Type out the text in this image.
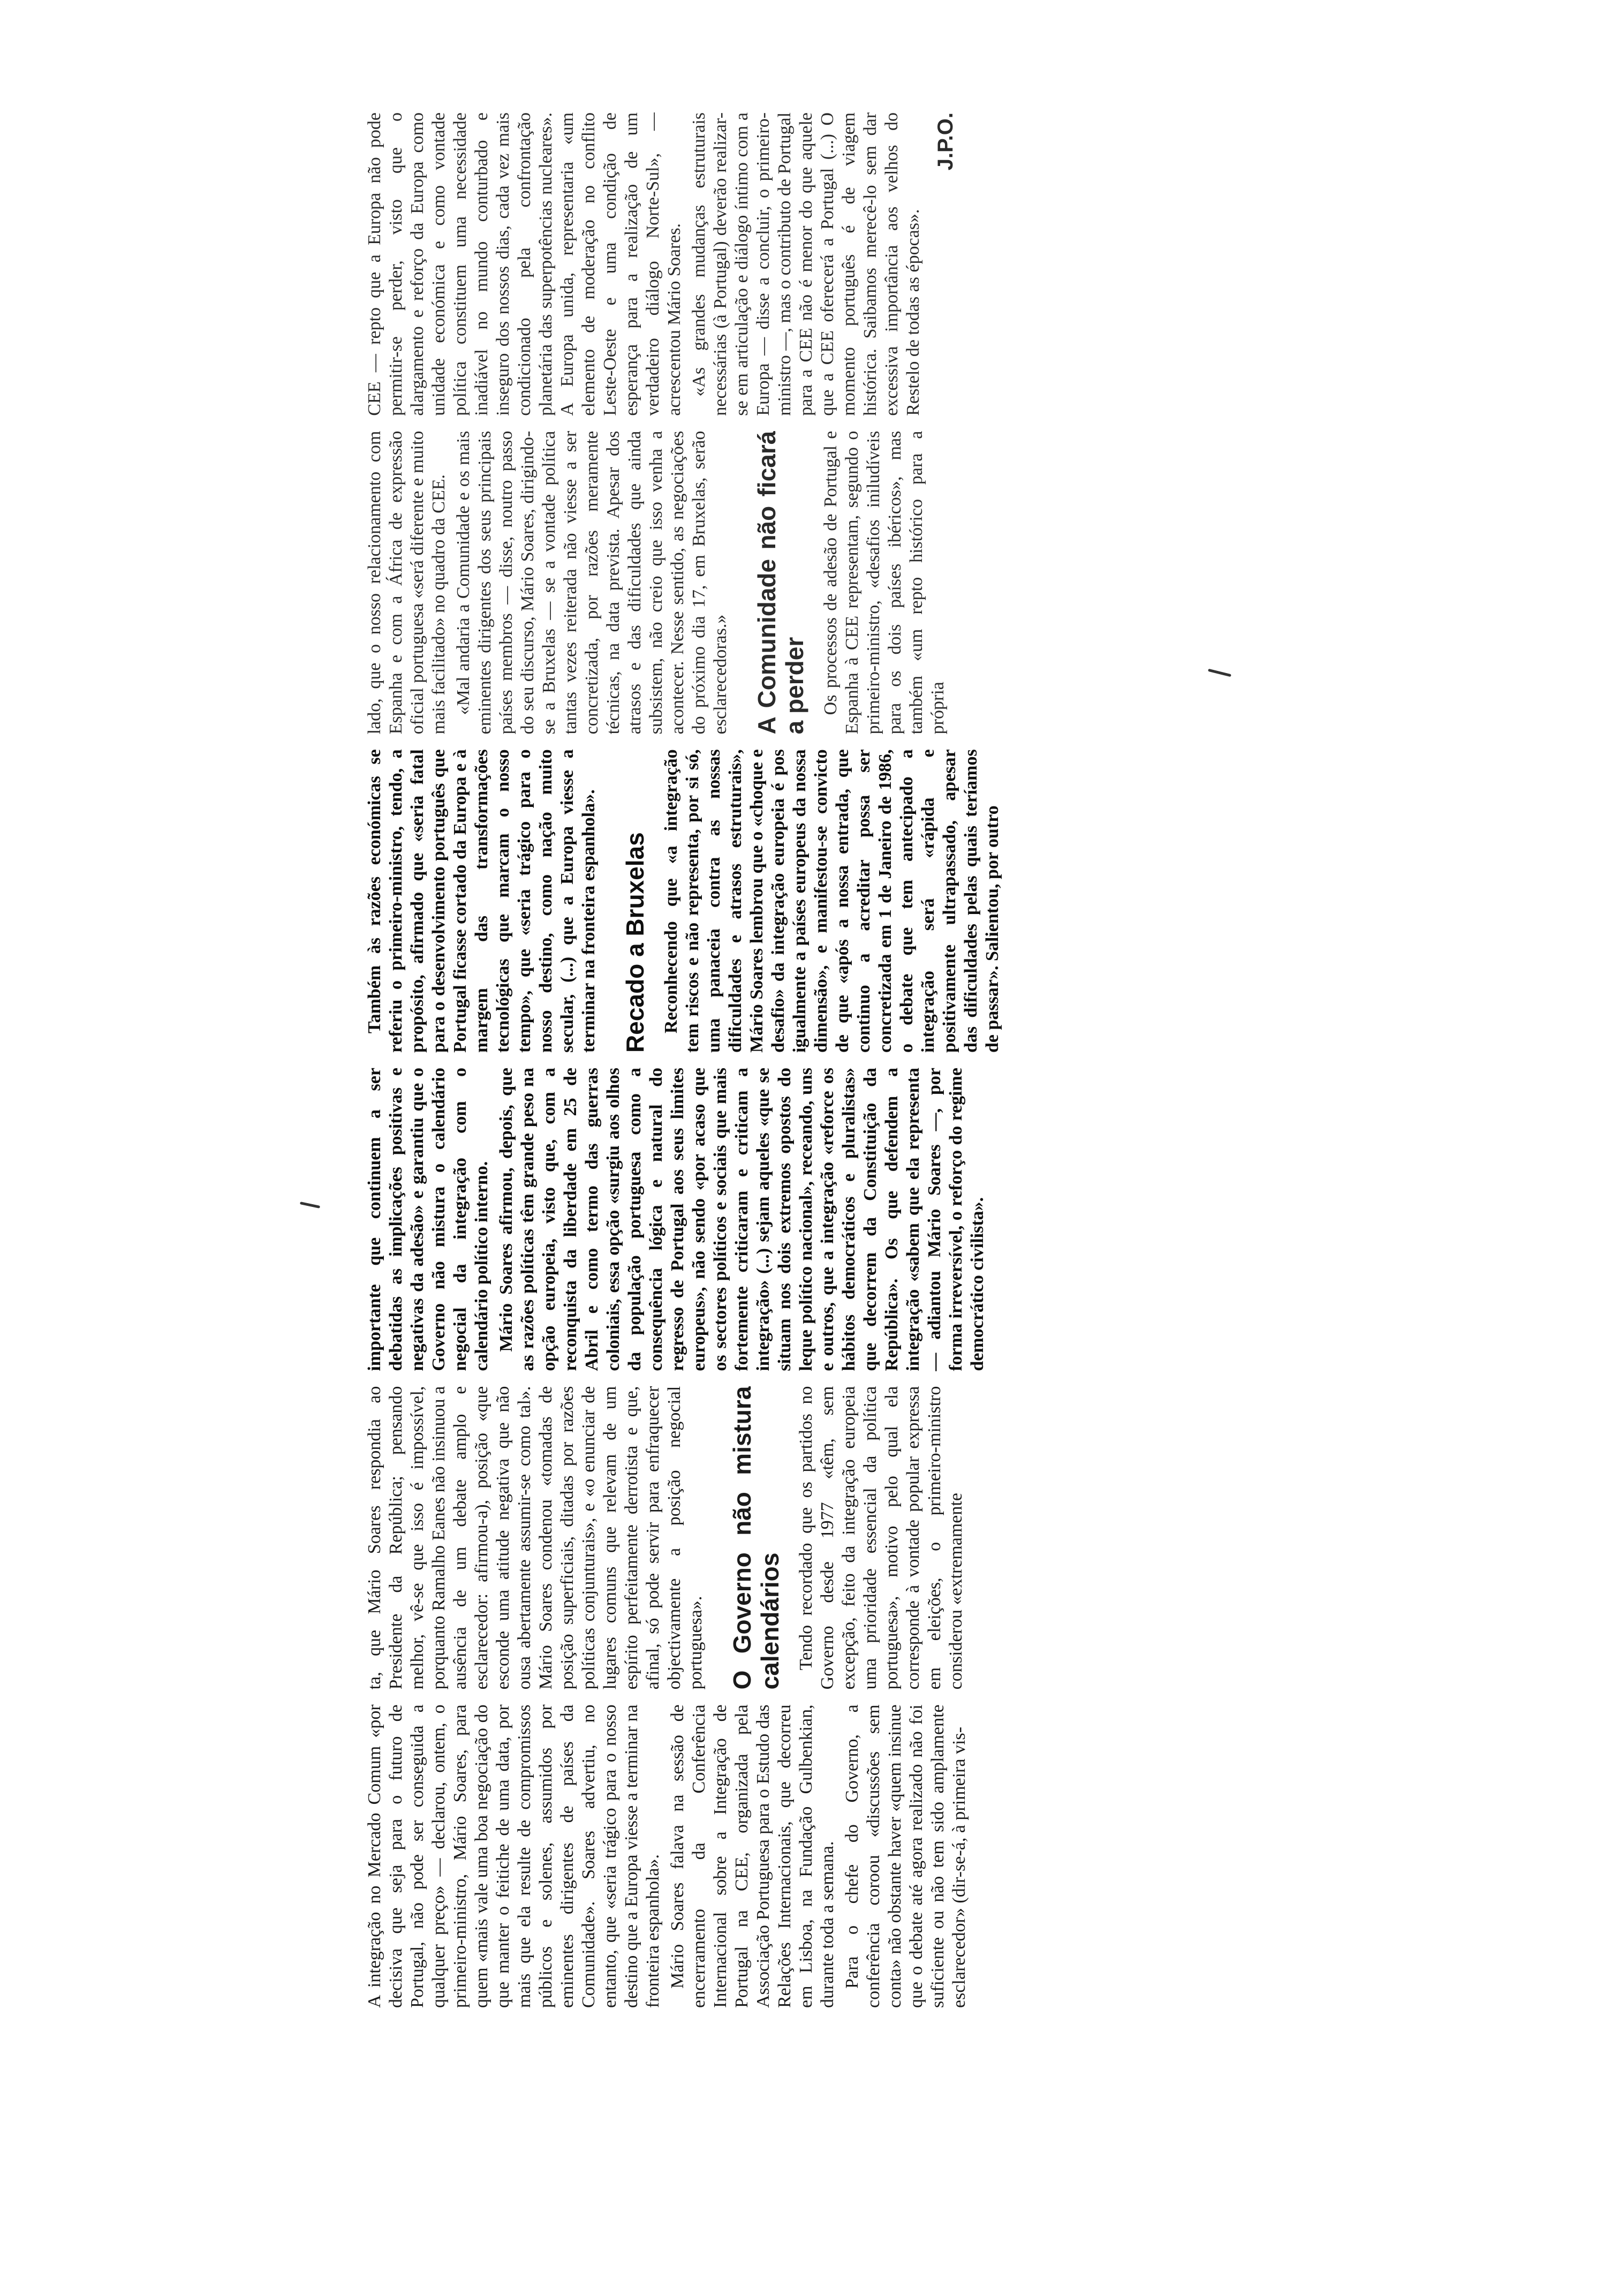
A integração no Mercado Comum «por decisiva que seja para o futuro de Portugal, não pode ser conseguida a qualquer preço» — declarou, ontem, o primeiro-ministro, Mário Soares, para quem «mais vale uma boa negociação do que manter o feitiche de uma data, por mais que ela resulte de compromissos públicos e solenes, assumidos por eminentes dirigentes de países da Comunidade». Soares advertiu, no entanto, que «seria trágico para o nosso destino que a Europa viesse a terminar na fronteira espanhola». Mário Soares falava na sessão de encerramento da Conferência Internacional sobre a Integração de Portugal na CEE, organizada pela Associação Portuguesa para o Estudo das Relações Internacionais, que decorreu em Lisboa, na Fundação Gulbenkian, durante toda a semana. Para o chefe do Governo, a conferência coroou «discussões sem conta» não obstante haver «quem insinue que o debate até agora realizado não foi suficiente ou não tem sido amplamente esclarecedor» (dir-se-á, à primeira vis-

ta, que Mário Soares respondia ao Presidente da República; pensando melhor, vê-se que isso é impossível, porquanto Ramalho Eanes não insinuou a ausência de um debate amplo e esclarecedor: afirmou-a), posição «que esconde uma atitude negativa que não ousa abertamente assumir-se como tal». Mário Soares condenou «tomadas de posição superficiais, ditadas por razões políticas conjunturais», e «o enunciar de lugares comuns que relevam de um espírito perfeitamente derrotista e que, afinal, só pode servir para enfraquecer objectivamente a posição negocial portuguesa». O Governo não mistura calendários Tendo recordado que os partidos no Governo desde 1977 «têm, sem excepção, feito da integração europeia uma prioridade essencial da política portuguesa», motivo pelo qual ela corresponde à vontade popular expressa em eleições, o primeiro-ministro considerou «extremamente

importante que continuem a ser debatidas as implicações positivas e negativas da adesão» e garantiu que o Governo não mistura o calendário negocial da integração com o calendário político interno. Mário Soares afirmou, depois, que as razões políticas têm grande peso na opção europeia, visto que, com a reconquista da liberdade em 25 de Abril e como termo das guerras coloniais, essa opção «surgiu aos olhos da população portuguesa como a consequência lógica e natural do regresso de Portugal aos seus limites europeus», não sendo «por acaso que os sectores políticos e sociais que mais fortemente criticaram e criticam a integração» (...) sejam aqueles «que se situam nos dois extremos opostos do leque político nacional», receando, uns e outros, que a integração «reforce os hábitos democráticos e pluralistas» que decorrem da Constituição da República». Os que defendem a integração «sabem que ela representa — adiantou Mário Soares —, por forma irreversível, o reforço do regime democrático civilista».

Também às razões económicas se referiu o primeiro-ministro, tendo, a propósito, afirmado que «seria fatal para o desenvolvimento português que Portugal ficasse cortado da Europa e à margem das transformações tecnológicas que marcam o nosso tempo», que «seria trágico para o nosso destino, como nação muito secular, (...) que a Europa viesse a terminar na fronteira espanhola». Recado a Bruxelas Reconhecendo que «a integração tem riscos e não representa, por si só, uma panaceia contra as nossas dificuldades e atrasos estruturais», Mário Soares lembrou que o «choque e desafio» da integração europeia é pos igualmente a países europeus da nossa dimensão», e manifestou-se convicto de que «após a nossa entrada, que continuo a acreditar possa ser concretizada em 1 de Janeiro de 1986, o debate que tem antecipado a integração será «rápida e positivamente ultrapassado, apesar das dificuldades pelas quais teríamos de passar». Salientou, por outro

lado, que o nosso relacionamento com Espanha e com a África de expressão oficial portuguesa «será diferente e muito mais facilitado» no quadro da CEE. «Mal andaria a Comunidade e os mais eminentes dirigentes dos seus principais países membros — disse, noutro passo do seu discurso, Mário Soares, dirigindo-se a Bruxelas — se a vontade política tantas vezes reiterada não viesse a ser concretizada, por razões meramente técnicas, na data prevista. Apesar dos atrasos e das dificuldades que ainda subsistem, não creio que isso venha a acontecer. Nesse sentido, as negociações do próximo dia 17, em Bruxelas, serão esclarecedoras.» A Comunidade não ficará a perder Os processos de adesão de Portugal e Espanha à CEE representam, segundo o primeiro-ministro, «desafios iniludíveis para os dois países ibéricos», mas também «um repto histórico para a própria

CEE — repto que a Europa não pode permitir-se perder, visto que o alargamento e reforço da Europa como unidade económica e como vontade política constituem uma necessidade inadiável no mundo conturbado e inseguro dos nossos dias, cada vez mais condicionado pela confrontação planetária das superpotências nucleares». A Europa unida, representaria «um elemento de moderação no conflito Leste-Oeste e uma condição de esperança para a realização de um verdadeiro diálogo Norte-Sul», — acrescentou Mário Soares. «As grandes mudanças estruturais necessárias (à Portugal) deverão realizar-se em articulação e diálogo íntimo com a Europa — disse a concluir, o primeiro-ministro —, mas o contributo de Portugal para a CEE não é menor do que aquele que a CEE oferecerá a Portugal (...) O momento português é de viagem histórica. Saibamos merecê-lo sem dar excessiva importância aos velhos do Restelo de todas as épocas».

J.P.O.
